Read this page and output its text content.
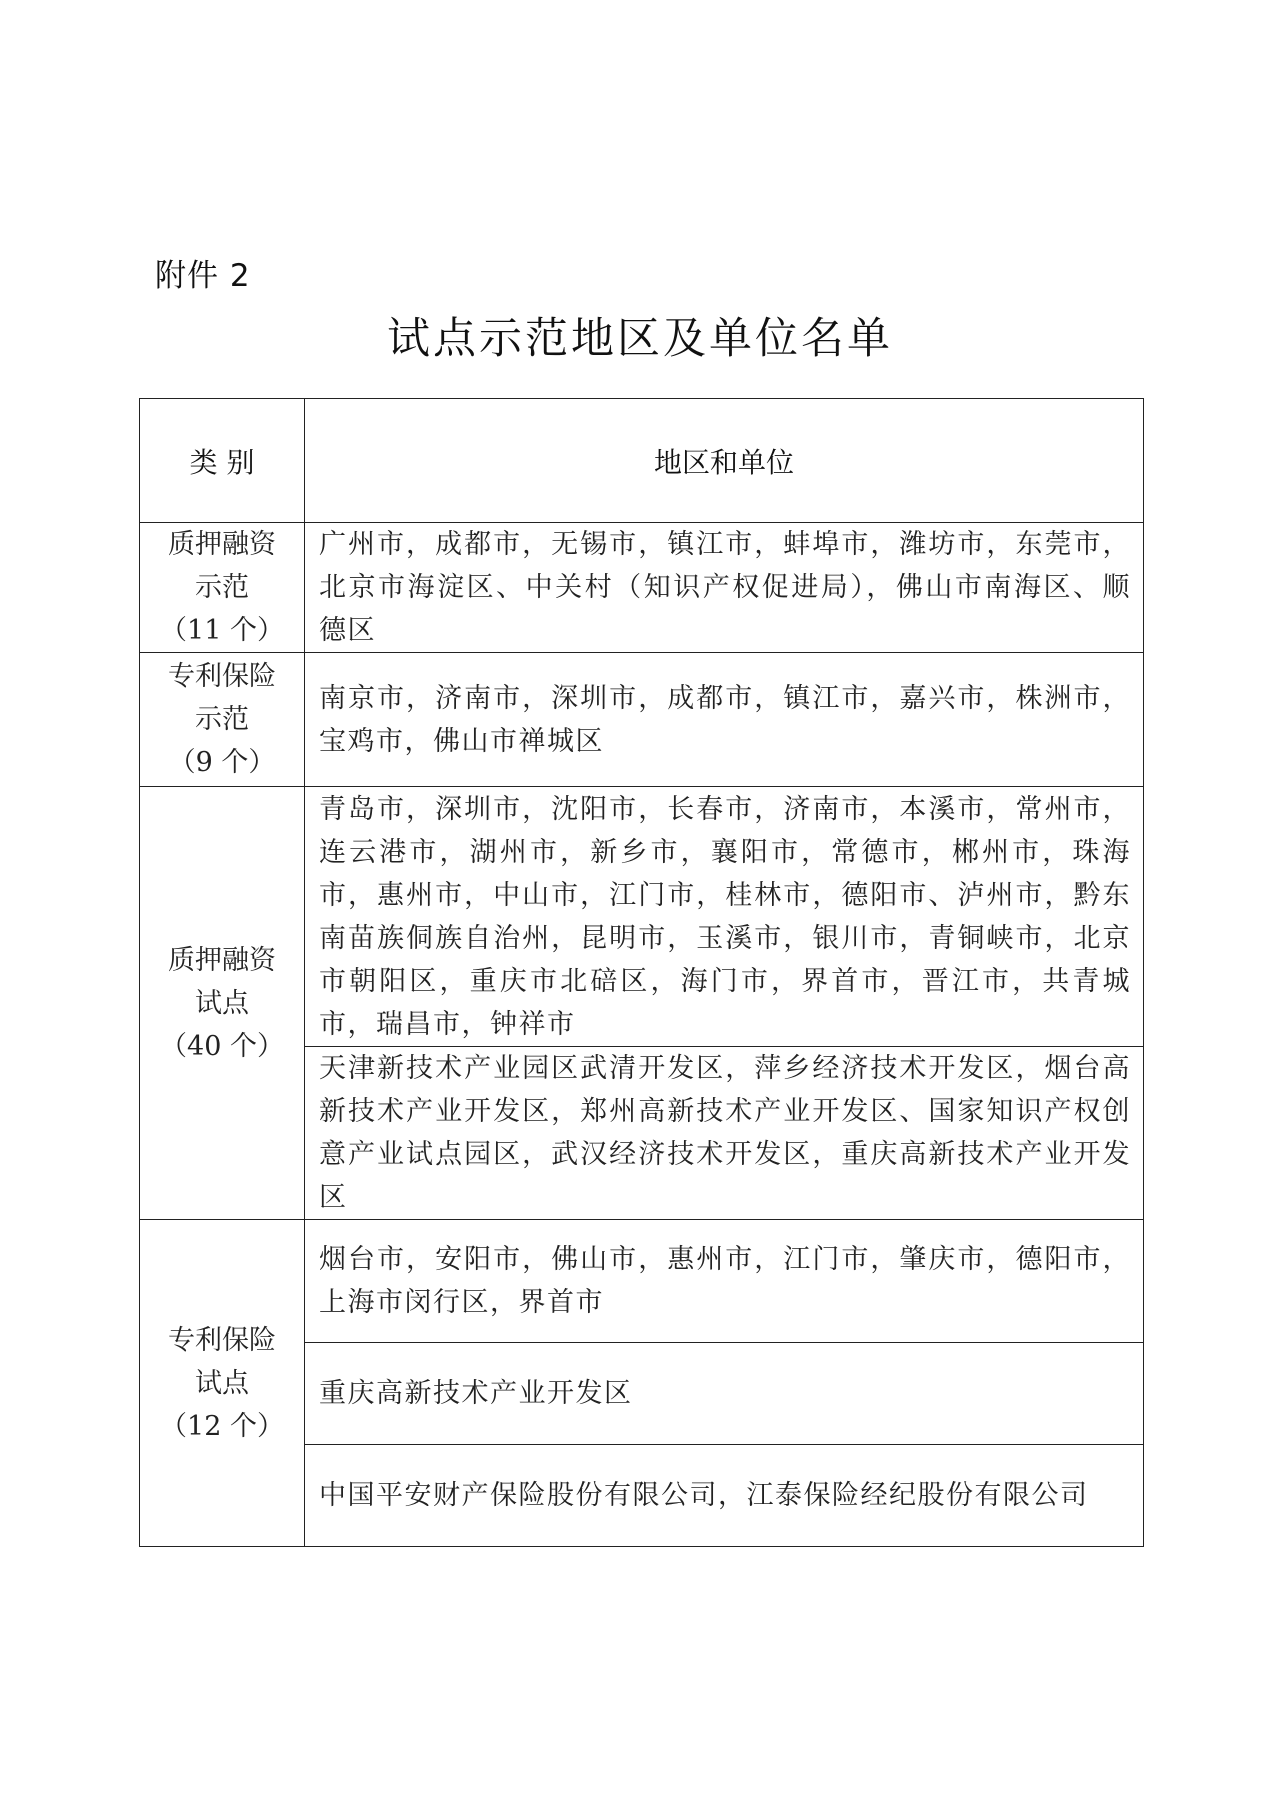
附件 2
试点示范地区及单位名单
类 别	地区和单位

质押融资
示范
（11 个）	广州市，成都市，无锡市，镇江市，蚌埠市，潍坊市，东莞市，北京市海淀区、中关村（知识产权促进局），佛山市南海区、顺德区

专利保险
示范
（9 个）	南京市，济南市，深圳市，成都市，镇江市，嘉兴市，株洲市，宝鸡市，佛山市禅城区

质押融资
试点
（40 个）	青岛市，深圳市，沈阳市，长春市，济南市，本溪市，常州市，连云港市，湖州市，新乡市，襄阳市，常德市，郴州市，珠海市，惠州市，中山市，江门市，桂林市，德阳市、泸州市，黔东南苗族侗族自治州，昆明市，玉溪市，银川市，青铜峡市，北京市朝阳区，重庆市北碚区，海门市，界首市，晋江市，共青城市，瑞昌市，钟祥市
	天津新技术产业园区武清开发区，萍乡经济技术开发区，烟台高新技术产业开发区，郑州高新技术产业开发区、国家知识产权创意产业试点园区，武汉经济技术开发区，重庆高新技术产业开发区

专利保险
试点
（12 个）	烟台市，安阳市，佛山市，惠州市，江门市，肇庆市，德阳市，上海市闵行区，界首市
	重庆高新技术产业开发区
	中国平安财产保险股份有限公司，江泰保险经纪股份有限公司
